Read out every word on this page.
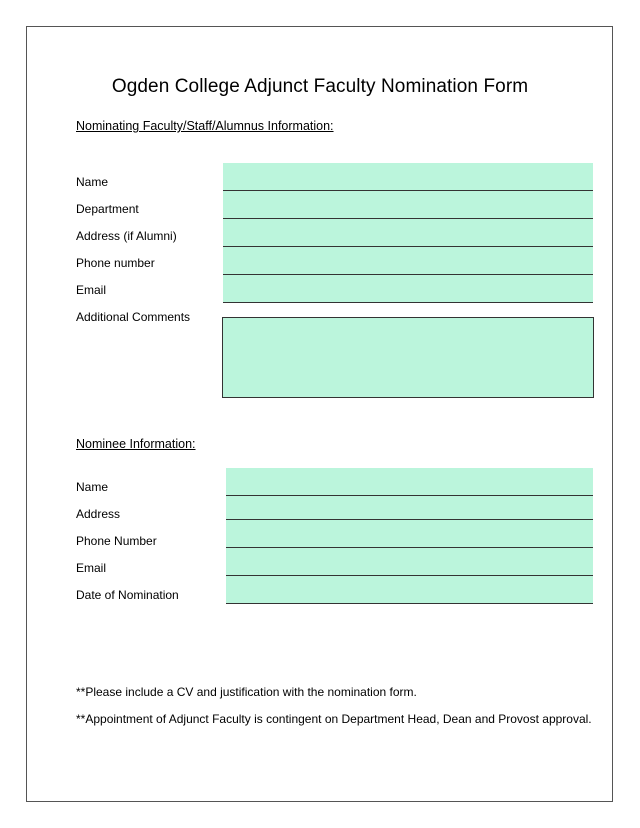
Ogden College Adjunct Faculty Nomination Form
Nominating Faculty/Staff/Alumnus Information:
Name
Department
Address (if Alumni)
Phone number
Email
Additional Comments
Nominee Information:
Name
Address
Phone Number
Email
Date of Nomination
**Please include a CV and justification with the nomination form.
**Appointment of Adjunct Faculty is contingent on Department Head, Dean and Provost approval.
